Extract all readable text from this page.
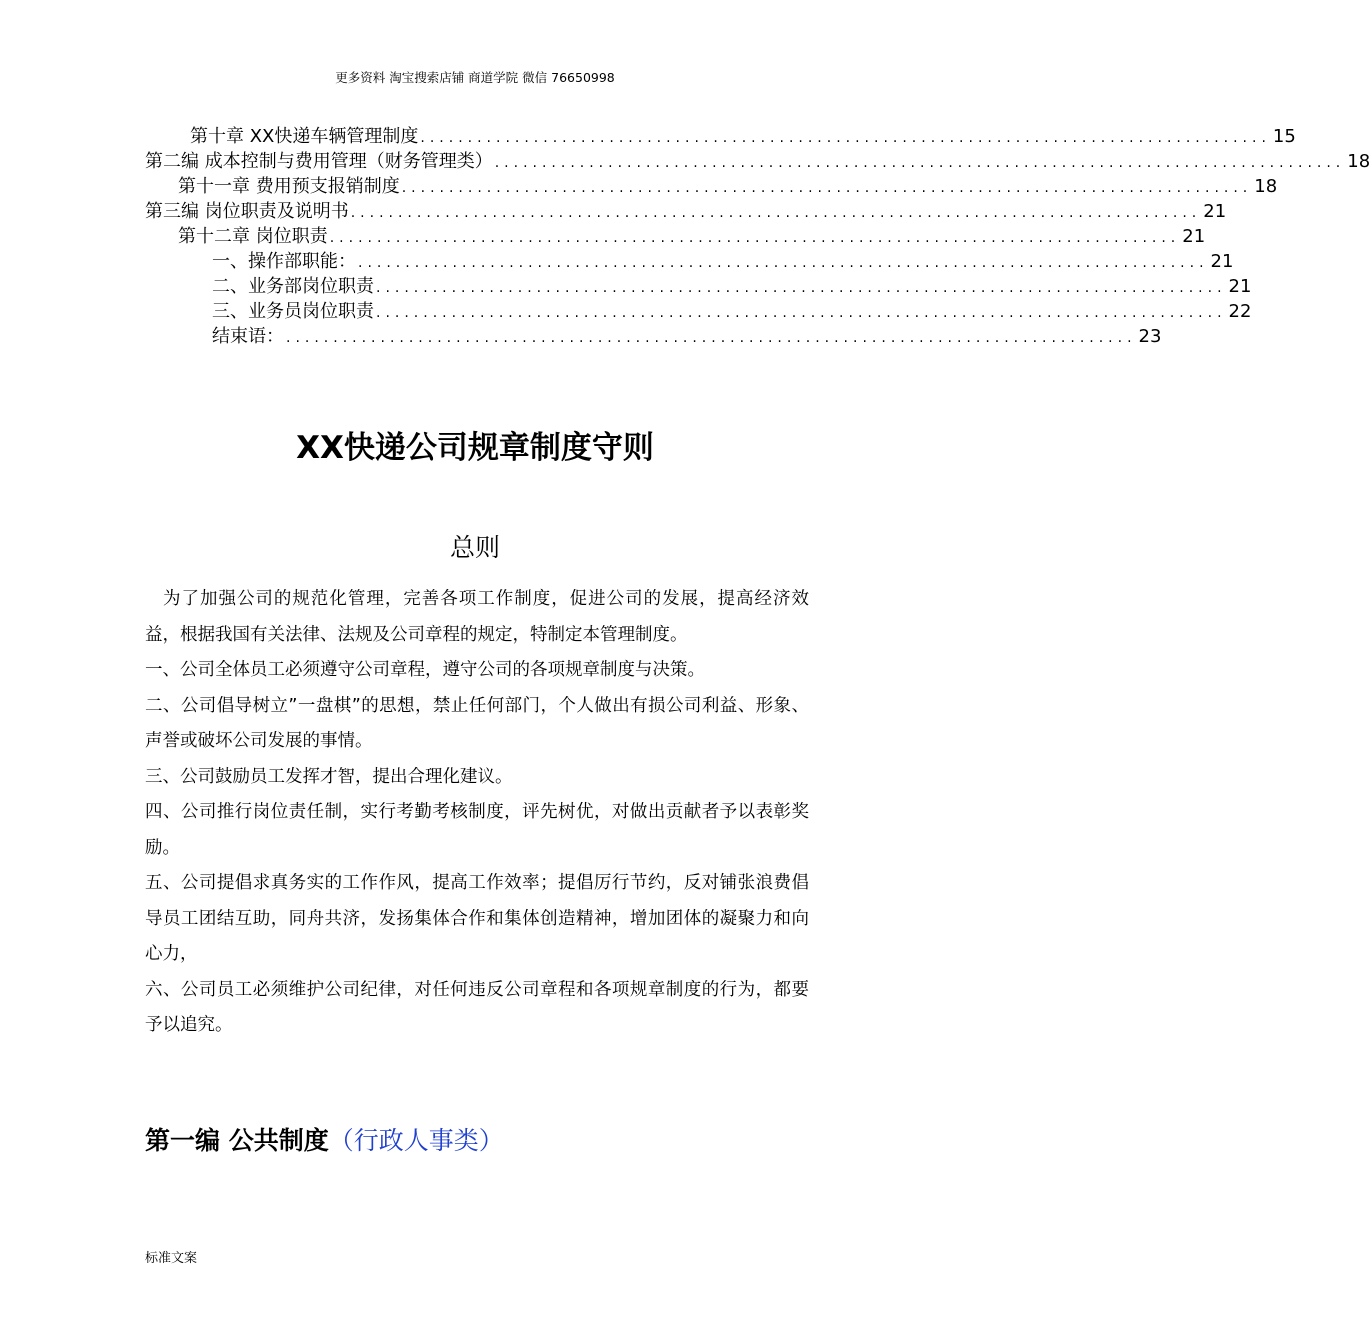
更多资料 淘宝搜索店铺 商道学院 微信 76650998
第十章 XX快递车辆管理制度 .......................................................................................... 15
第二编 成本控制与费用管理（财务管理类） .......................................................................................... 18
第十一章 费用预支报销制度 .......................................................................................... 18
第三编 岗位职责及说明书 .......................................................................................... 21
第十二章 岗位职责 .......................................................................................... 21
一、操作部职能： .......................................................................................... 21
二、业务部岗位职责 .......................................................................................... 21
三、业务员岗位职责 .......................................................................................... 22
结束语： .......................................................................................... 23
XX快递公司规章制度守则
总则

为了加强公司的规范化管理，完善各项工作制度，促进公司的发展，提高经济效益，根据我国有关法律、法规及公司章程的规定，特制定本管理制度。

一、公司全体员工必须遵守公司章程，遵守公司的各项规章制度与决策。

二、公司倡导树立”一盘棋”的思想，禁止任何部门，个人做出有损公司利益、形象、声誉或破坏公司发展的事情。

三、公司鼓励员工发挥才智，提出合理化建议。

四、公司推行岗位责任制，实行考勤考核制度，评先树优，对做出贡献者予以表彰奖励。

五、公司提倡求真务实的工作作风，提高工作效率；提倡厉行节约，反对铺张浪费倡导员工团结互助，同舟共济，发扬集体合作和集体创造精神，增加团体的凝聚力和向心力，

六、公司员工必须维护公司纪律，对任何违反公司章程和各项规章制度的行为，都要予以追究。

第一编 公共制度（行政人事类）
标准文案
